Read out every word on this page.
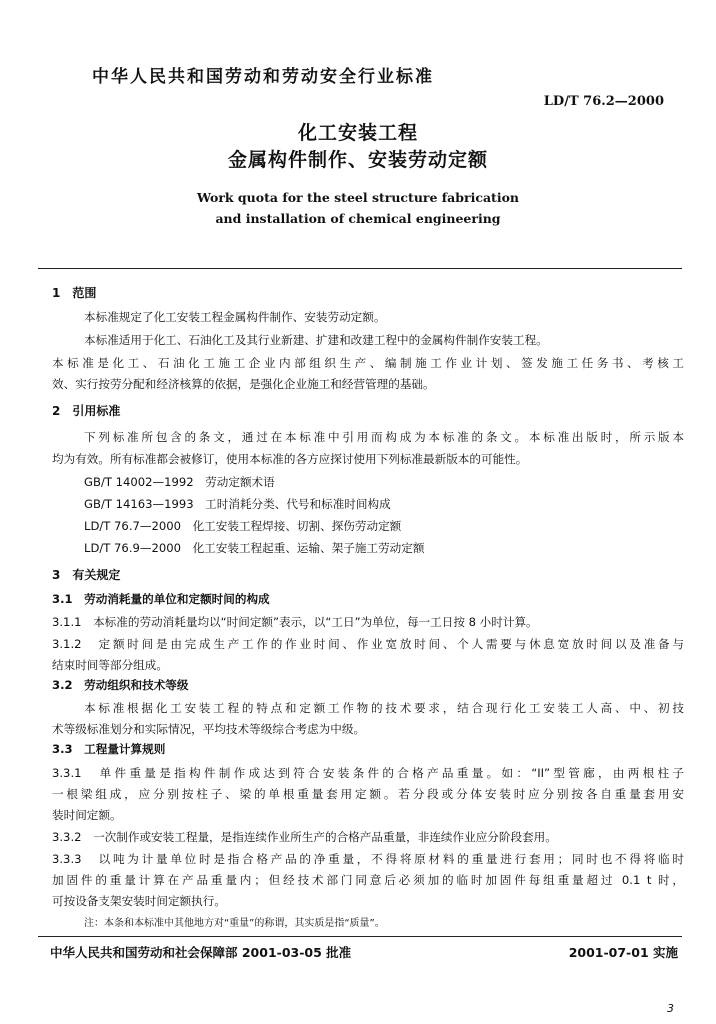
中华人民共和国劳动和劳动安全行业标准
LD/T 76.2—2000
化工安装工程
金属构件制作、安装劳动定额
Work quota for the steel structure fabrication
and installation of chemical engineering
1　范围
本标准规定了化工安装工程金属构件制作、安装劳动定额。
本标准适用于化工、石油化工及其行业新建、扩建和改建工程中的金属构件制作安装工程。
本标准是化工、石油化工施工企业内部组织生产、编制施工作业计划、签发施工任务书、考核工
效、实行按劳分配和经济核算的依据，是强化企业施工和经营管理的基础。
2　引用标准
下列标准所包含的条文，通过在本标准中引用而构成为本标准的条文。本标准出版时，所示版本
均为有效。所有标准都会被修订，使用本标准的各方应探讨使用下列标准最新版本的可能性。
GB/T 14002—1992　劳动定额术语
GB/T 14163—1993　工时消耗分类、代号和标准时间构成
LD/T 76.7—2000　化工安装工程焊接、切割、探伤劳动定额
LD/T 76.9—2000　化工安装工程起重、运输、架子施工劳动定额
3　有关规定
3.1　劳动消耗量的单位和定额时间的构成
3.1.1　本标准的劳动消耗量均以“时间定额”表示，以“工日”为单位，每一工日按 8 小时计算。
3.1.2　定额时间是由完成生产工作的作业时间、作业宽放时间、个人需要与休息宽放时间以及准备与
结束时间等部分组成。
3.2　劳动组织和技术等级
本标准根据化工安装工程的特点和定额工作物的技术要求，结合现行化工安装工人高、中、初技
术等级标准划分和实际情况，平均技术等级综合考虑为中级。
3.3　工程量计算规则
3.3.1　单件重量是指构件制作成达到符合安装条件的合格产品重量。如：“II”型管廊，由两根柱子
一根梁组成，应分别按柱子、梁的单根重量套用定额。若分段或分体安装时应分别按各自重量套用安
装时间定额。
3.3.2　一次制作或安装工程量，是指连续作业所生产的合格产品重量，非连续作业应分阶段套用。
3.3.3　以吨为计量单位时是指合格产品的净重量，不得将原材料的重量进行套用；同时也不得将临时
加固件的重量计算在产品重量内；但经技术部门同意后必须加的临时加固件每组重量超过 0.1 t 时，
可按设备支架安装时间定额执行。
注：本条和本标准中其他地方对“重量”的称谓，其实质是指“质量”。
中华人民共和国劳动和社会保障部 2001-03-05 批准	2001-07-01 实施
3
